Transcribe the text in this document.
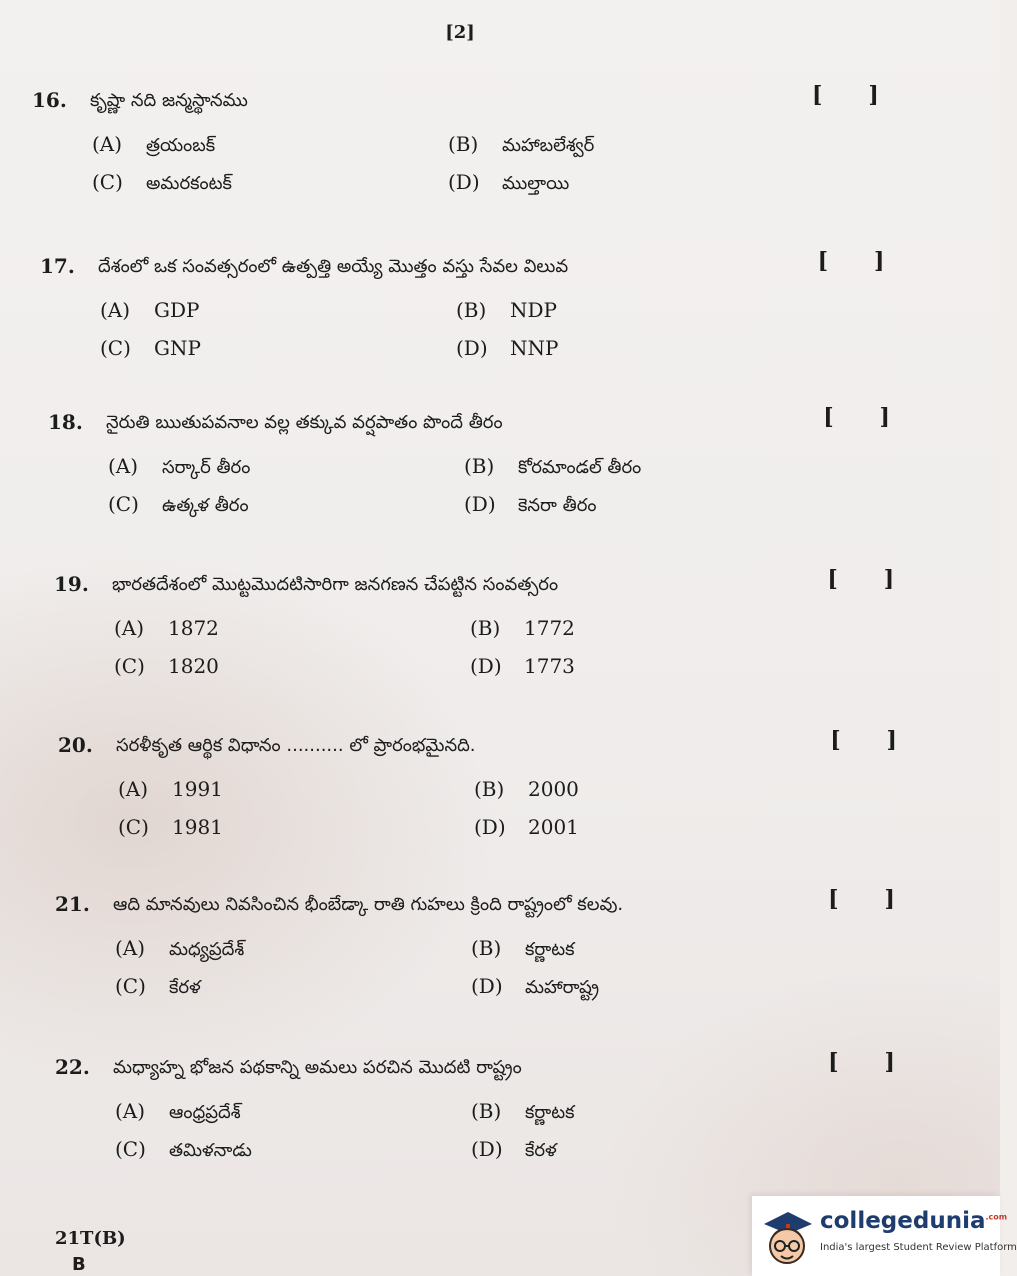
[2]
16. కృష్ణా నది జన్మస్థానము	[      ]
(A) త్రయంబక్	(B) మహాబలేశ్వర్
(C) అమరకంటక్	(D) ముల్తాయి
17. దేశంలో ఒక సంవత్సరంలో ఉత్పత్తి అయ్యే మొత్తం వస్తు సేవల విలువ	[      ]
(A) GDP	(B) NDP
(C) GNP	(D) NNP
18. నైరుతి ఋతుపవనాల వల్ల తక్కువ వర్షపాతం పొందే తీరం	[      ]
(A) సర్కార్ తీరం	(B) కోరమాండల్ తీరం
(C) ఉత్కళ తీరం	(D) కెనరా తీరం
19. భారతదేశంలో మొట్టమొదటిసారిగా జనగణన చేపట్టిన సంవత్సరం	[      ]
(A) 1872	(B) 1772
(C) 1820	(D) 1773
20. సరళీకృత ఆర్థిక విధానం .......... లో ప్రారంభమైనది.	[      ]
(A) 1991	(B) 2000
(C) 1981	(D) 2001
21. ఆది మానవులు నివసించిన భీంబేడ్కా రాతి గుహలు క్రింది రాష్ట్రంలో కలవు.	[      ]
(A) మధ్యప్రదేశ్	(B) కర్ణాటక
(C) కేరళ	(D) మహారాష్ట్ర
22. మధ్యాహ్న భోజన పథకాన్ని అమలు పరచిన మొదటి రాష్ట్రం	[      ]
(A) ఆంధ్రప్రదేశ్	(B) కర్ణాటక
(C) తమిళనాడు	(D) కేరళ
21T(B)
B
collegedunia$^{.com}$
India's largest Student Review Platform
